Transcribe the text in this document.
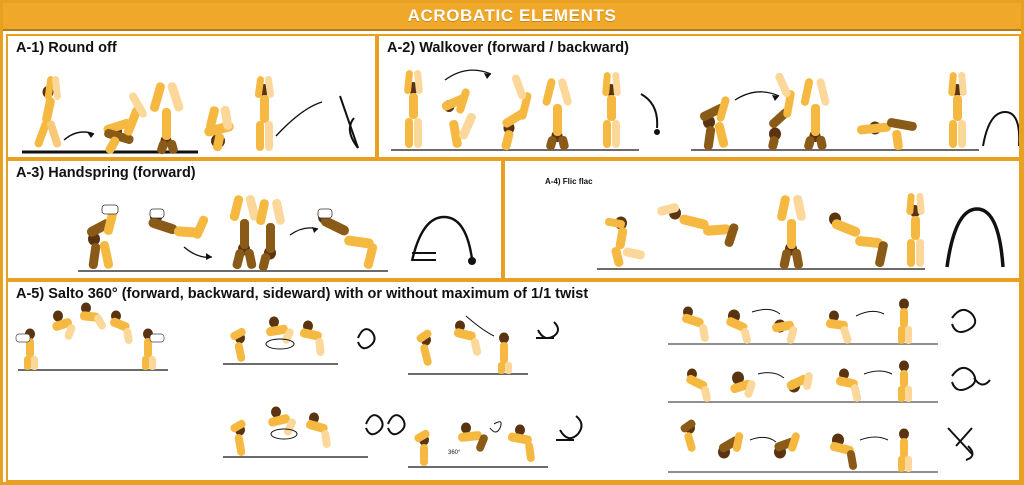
ACROBATIC ELEMENTS
A-1) Round off	A-2) Walkover (forward / backward)
A-3) Handspring (forward)
A-4) Flic flac
A-5) Salto 360° (forward, backward, sideward) with or without maximum of 1/1 twist
360°
